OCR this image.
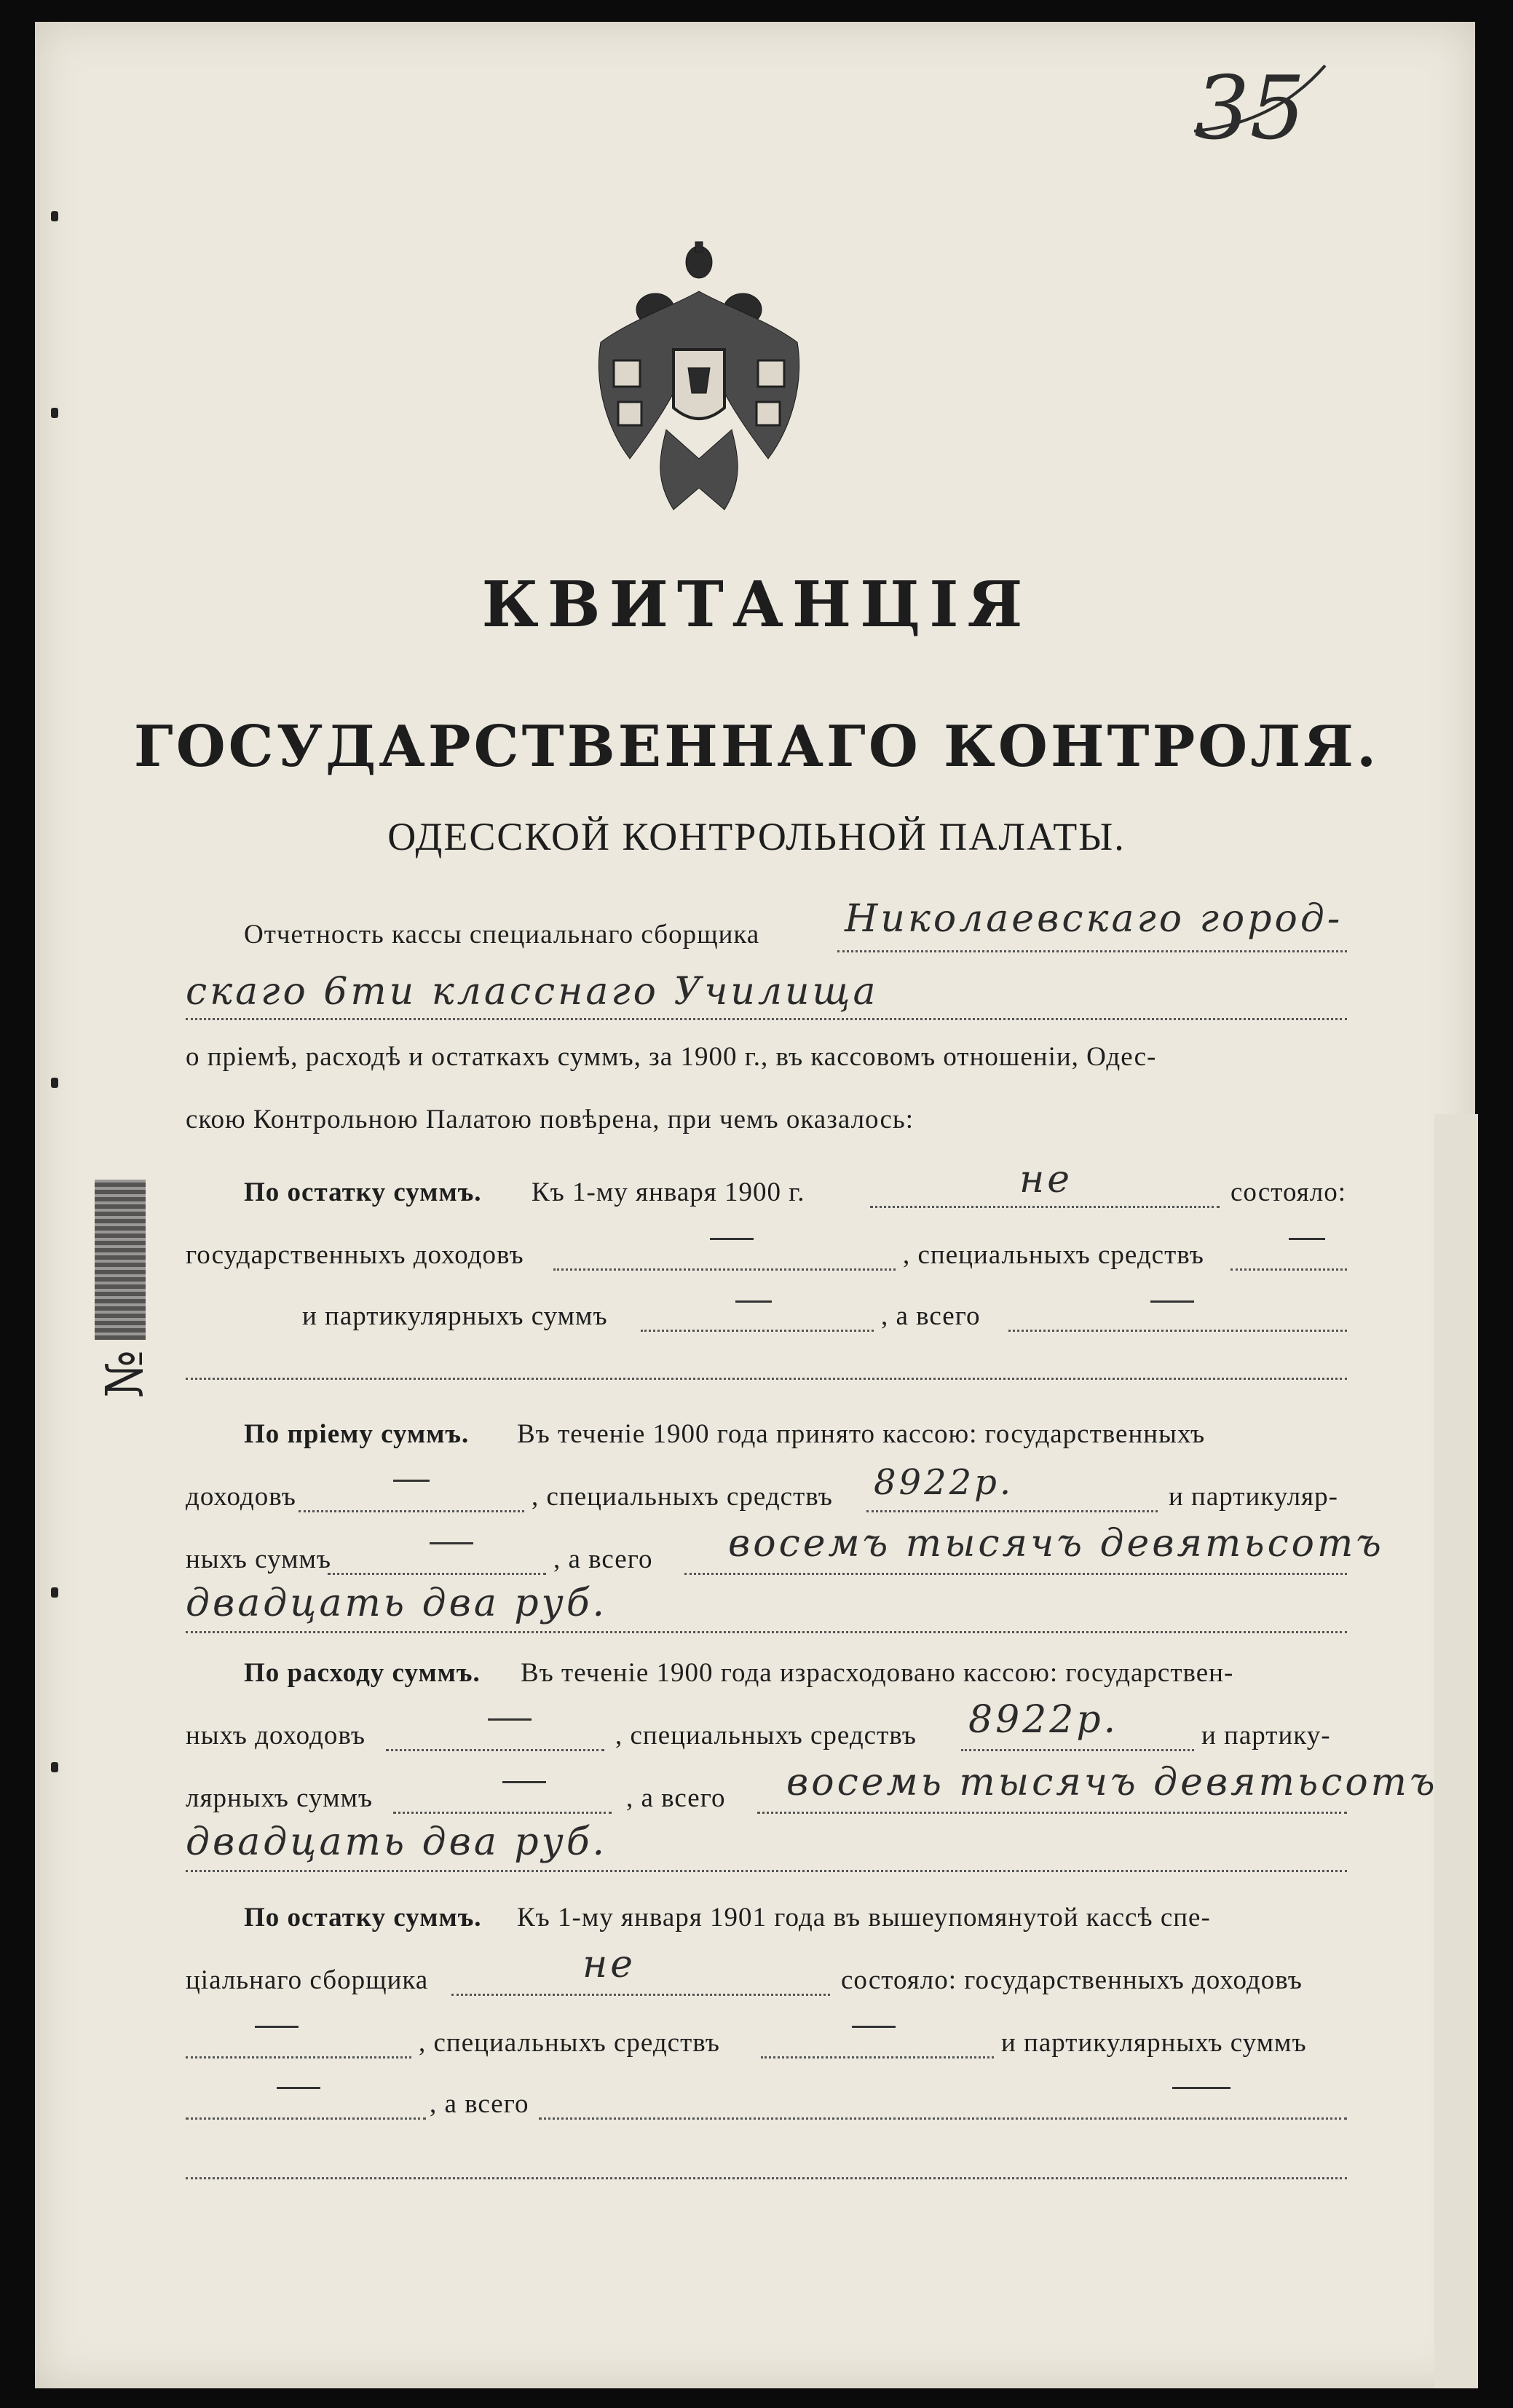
35
КВИТАНЦІЯ
ГОСУДАРСТВЕННАГО КОНТРОЛЯ.
ОДЕССКОЙ КОНТРОЛЬНОЙ ПАЛАТЫ.
№
Отчетность кассы специальнаго сборщика Николаевскаго город-
скаго 6ти класснаго Училища
о пріемѣ, расходѣ и остаткахъ суммъ, за 1900 г., въ кассовомъ отношеніи, Одес-
скою Контрольною Палатою повѣрена, при чемъ оказалось:
По остатку суммъ. Къ 1-му января 1900 г.	не	состояло:
государственныхъ доходовъ	, специальныхъ средствъ
и партикулярныхъ суммъ	, а всего
По пріему суммъ. Въ теченіе 1900 года принято кассою: государственныхъ
доходовъ	, специальныхъ средствъ 8922р.	и партикуляр-
ныхъ суммъ	, а всего восемъ тысячъ девятьсотъ
двадцать два руб.
По расходу суммъ. Въ теченіе 1900 года израсходовано кассою: государствен-
ныхъ доходовъ	, специальныхъ средствъ 8922р.	и партику-
лярныхъ суммъ	, а всего восемь тысячъ девятьсотъ
двадцать два руб.
По остатку суммъ. Къ 1-му января 1901 года въ вышеупомянутой кассѣ спе-
ціальнаго сборщика	не	состояло: государственныхъ доходовъ
, специальныхъ средствъ	и партикулярныхъ суммъ
, а всего
